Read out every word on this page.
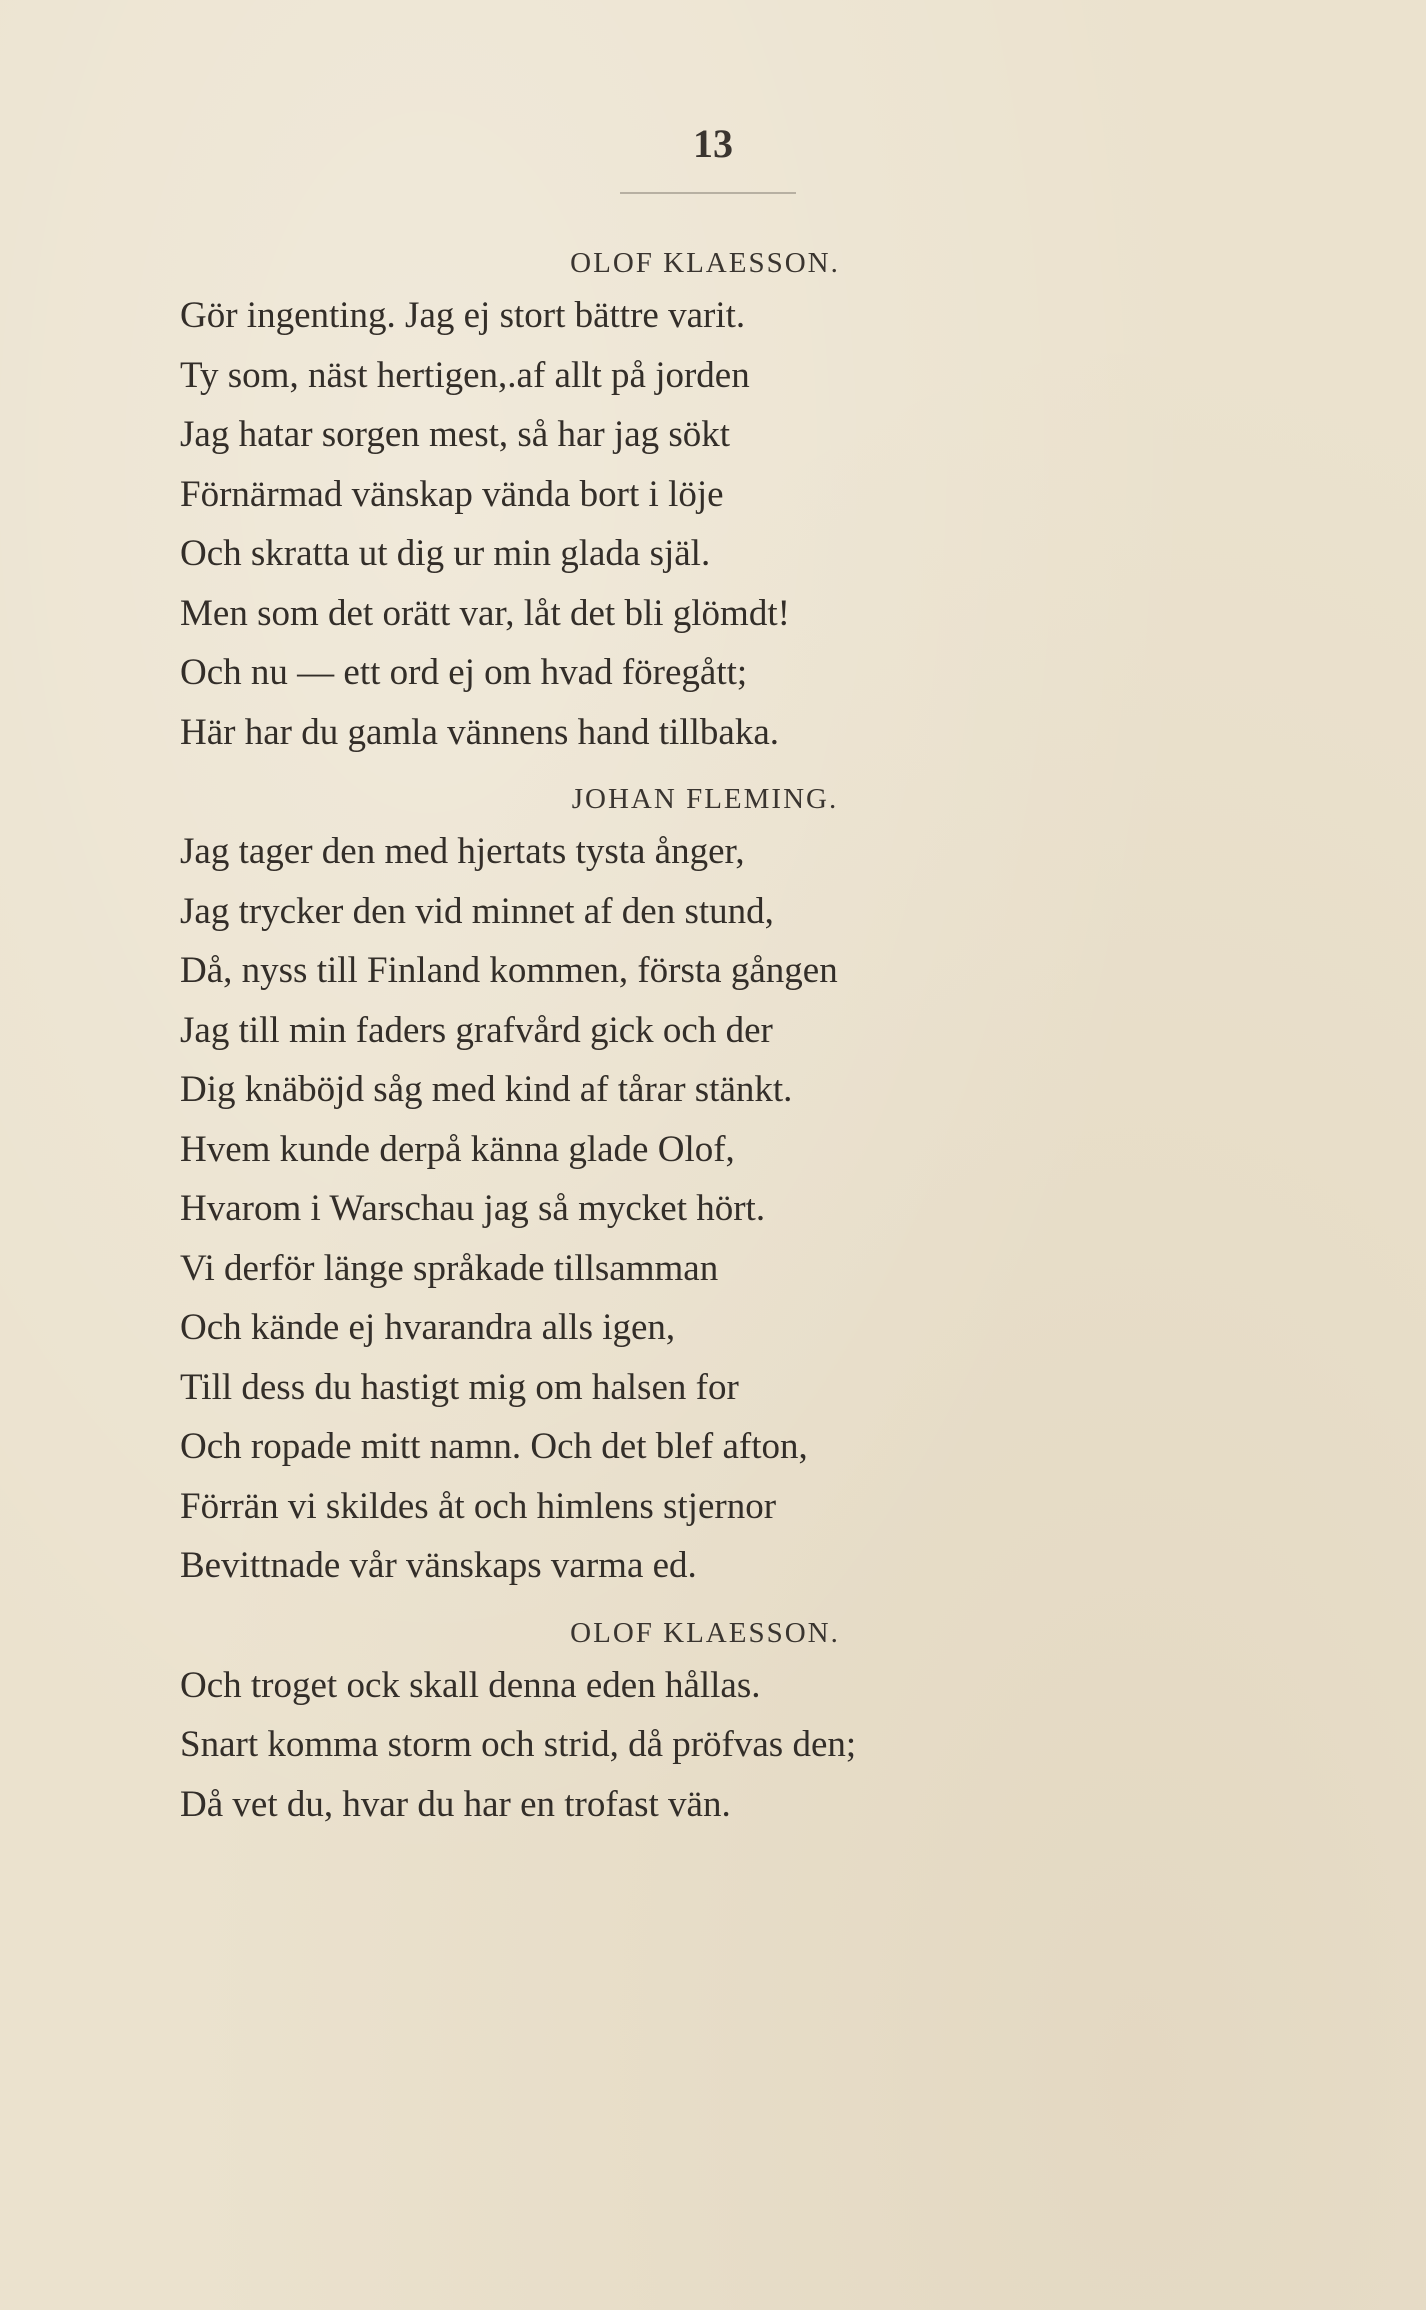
13
OLOF KLAESSON.
Gör ingenting. Jag ej stort bättre varit.
Ty som, näst hertigen,.af allt på jorden
Jag hatar sorgen mest, så har jag sökt
Förnärmad vänskap vända bort i löje
Och skratta ut dig ur min glada själ.
Men som det orätt var, låt det bli glömdt!
Och nu — ett ord ej om hvad föregått;
Här har du gamla vännens hand tillbaka.
JOHAN FLEMING.
Jag tager den med hjertats tysta ånger,
Jag trycker den vid minnet af den stund,
Då, nyss till Finland kommen, första gången
Jag till min faders grafvård gick och der
Dig knäböjd såg med kind af tårar stänkt.
Hvem kunde derpå känna glade Olof,
Hvarom i Warschau jag så mycket hört.
Vi derför länge språkade tillsamman
Och kände ej hvarandra alls igen,
Till dess du hastigt mig om halsen for
Och ropade mitt namn. Och det blef afton,
Förrän vi skildes åt och himlens stjernor
Bevittnade vår vänskaps varma ed.
OLOF KLAESSON.
Och troget ock skall denna eden hållas.
Snart komma storm och strid, då pröfvas den;
Då vet du, hvar du har en trofast vän.
